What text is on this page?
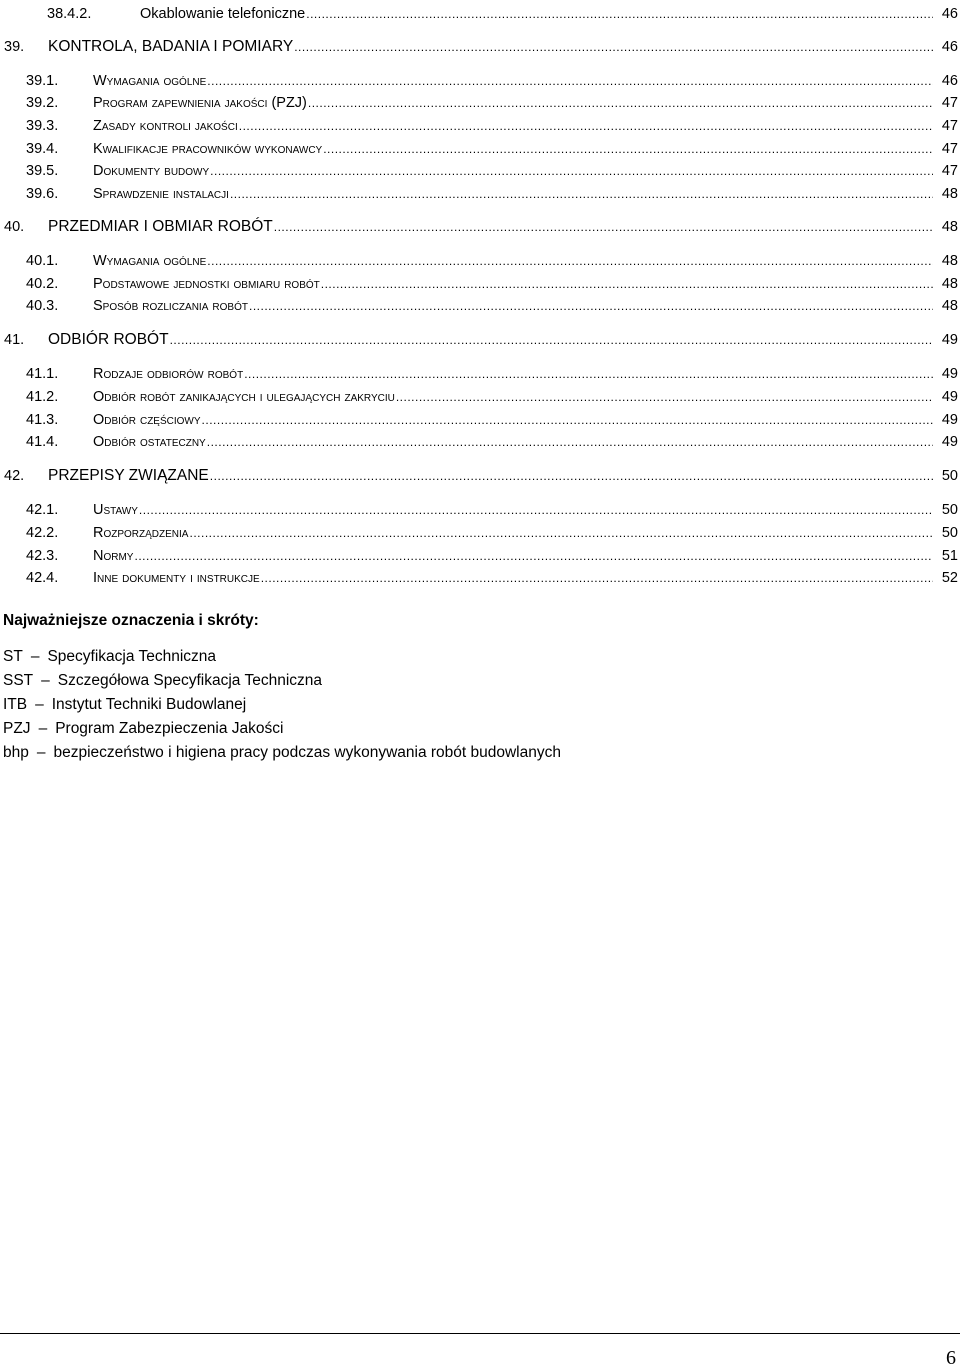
38.4.2.	Okablowanie telefoniczne .....	46
39.	KONTROLA, BADANIA I POMIARY .....	46
39.1.	Wymagania ogólne .....	46
39.2.	Program zapewnienia jakości (PZJ) .....	47
39.3.	Zasady kontroli jakości .....	47
39.4.	Kwalifikacje pracowników wykonawcy .....	47
39.5.	Dokumenty budowy .....	47
39.6.	Sprawdzenie instalacji .....	48
40.	PRZEDMIAR I OBMIAR ROBÓT .....	48
40.1.	Wymagania ogólne .....	48
40.2.	Podstawowe jednostki obmiaru robót .....	48
40.3.	Sposób rozliczania robót .....	48
41.	ODBIÓR ROBÓT .....	49
41.1.	Rodzaje odbiorów robót .....	49
41.2.	Odbiór robót zanikających i ulegających zakryciu .....	49
41.3.	Odbiór częściowy .....	49
41.4.	Odbiór ostateczny .....	49
42.	PRZEPISY ZWIĄZANE .....	50
42.1.	Ustawy .....	50
42.2.	Rozporządzenia .....	50
42.3.	Normy .....	51
42.4.	Inne dokumenty i instrukcje .....	52
Najważniejsze oznaczenia i skróty:
ST – Specyfikacja Techniczna
SST – Szczegółowa Specyfikacja Techniczna
ITB – Instytut Techniki Budowlanej
PZJ – Program Zabezpieczenia Jakości
bhp – bezpieczeństwo i higiena pracy podczas wykonywania robót budowlanych
6
